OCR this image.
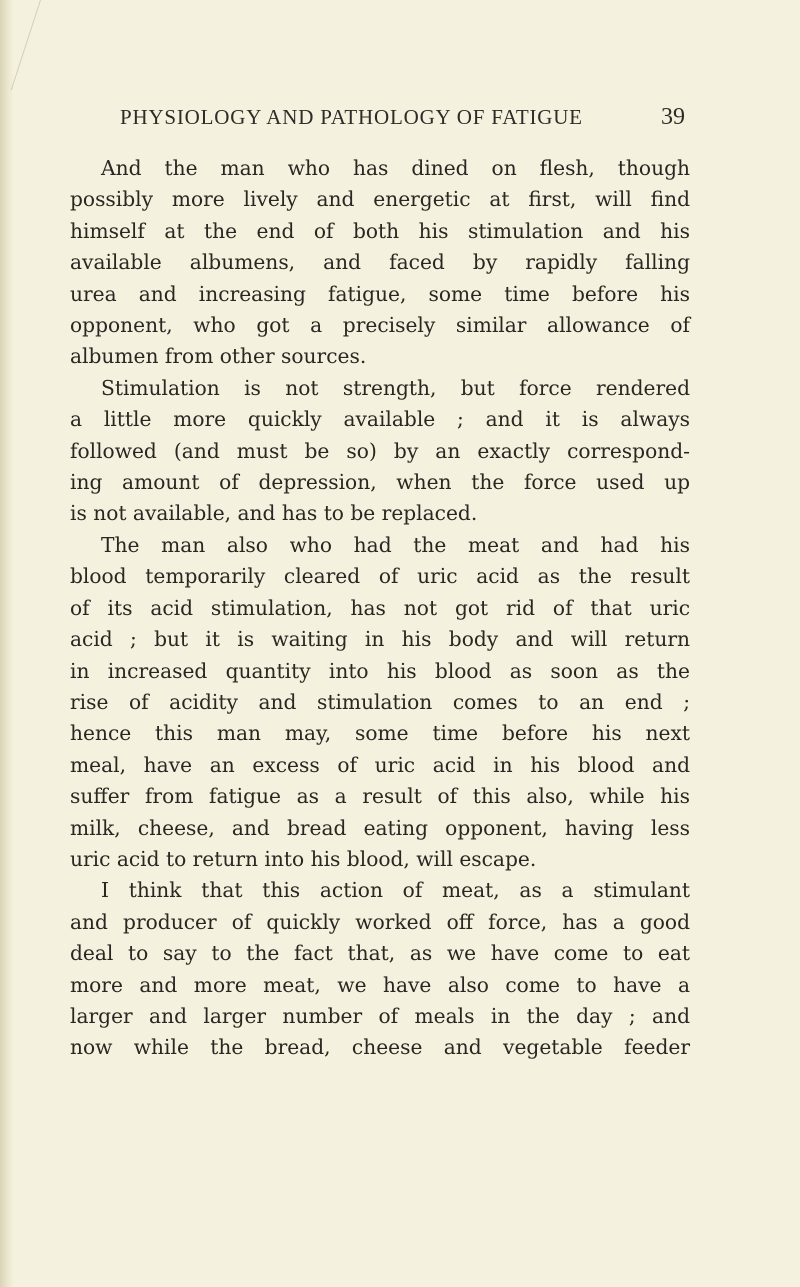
PHYSIOLOGY AND PATHOLOGY OF FATIGUE	39

And the man who has dined on flesh, though
possibly more lively and energetic at first, will find
himself at the end of both his stimulation and his
available albumens, and faced by rapidly falling
urea and increasing fatigue, some time before his
opponent, who got a precisely similar allowance of
albumen from other sources.

Stimulation is not strength, but force rendered
a little more quickly available ; and it is always
followed (and must be so) by an exactly correspond-
ing amount of depression, when the force used up
is not available, and has to be replaced.

The man also who had the meat and had his
blood temporarily cleared of uric acid as the result
of its acid stimulation, has not got rid of that uric
acid ; but it is waiting in his body and will return
in increased quantity into his blood as soon as the
rise of acidity and stimulation comes to an end ;
hence this man may, some time before his next
meal, have an excess of uric acid in his blood and
suffer from fatigue as a result of this also, while his
milk, cheese, and bread eating opponent, having less
uric acid to return into his blood, will escape.

I think that this action of meat, as a stimulant
and producer of quickly worked off force, has a good
deal to say to the fact that, as we have come to eat
more and more meat, we have also come to have a
larger and larger number of meals in the day ; and
now while the bread, cheese and vegetable feeder
